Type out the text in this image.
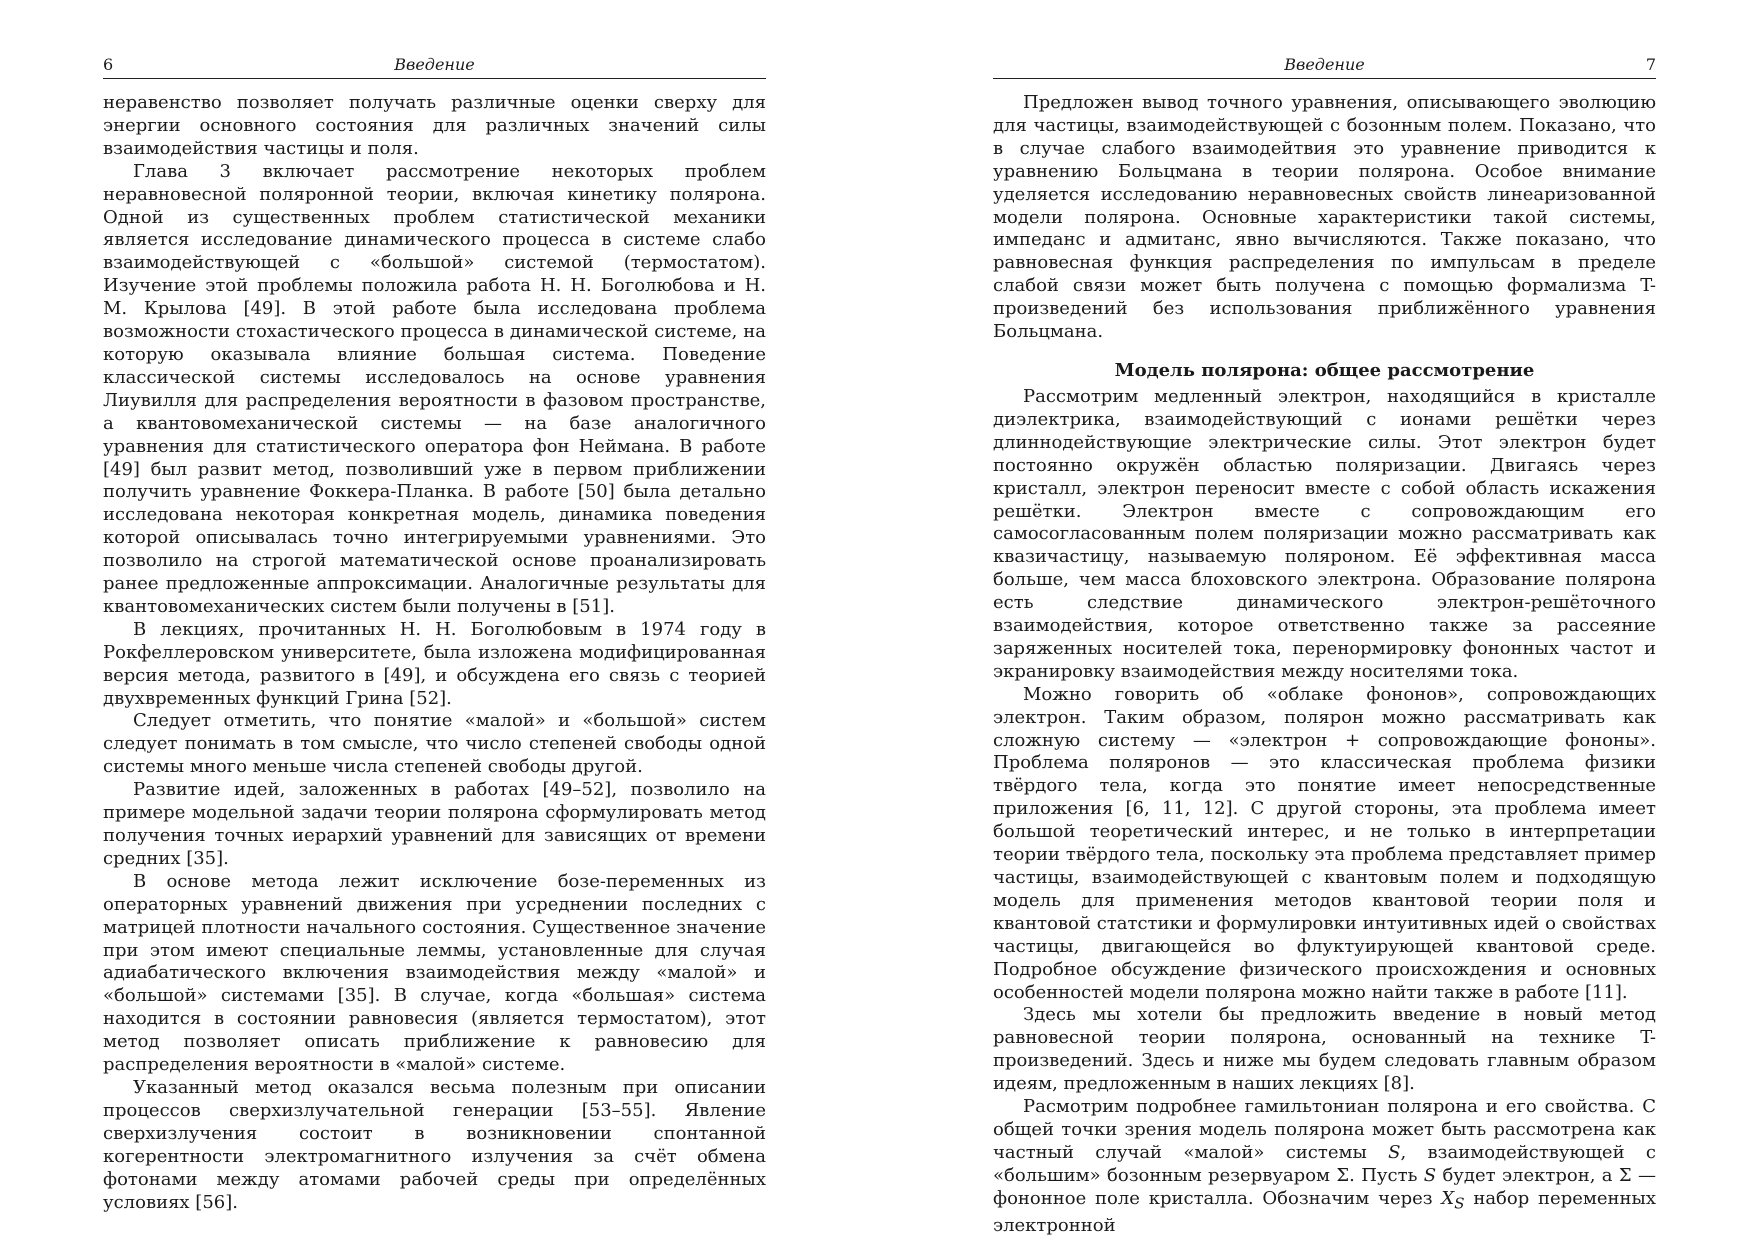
6	Введение

неравенство позволяет получать различные оценки сверху для энергии основного состояния для различных значений силы взаимодействия частицы и поля.

Глава 3 включает рассмотрение некоторых проблем неравновесной поляронной теории, включая кинетику полярона. Одной из существенных проблем статистической механики является исследование динамического процесса в системе слабо взаимодействующей с «большой» системой (термостатом). Изучение этой проблемы положила работа Н. Н. Боголюбова и Н. М. Крылова [49]. В этой работе была исследована проблема возможности стохастического процесса в динамической системе, на которую оказывала влияние большая система. Поведение классической системы исследовалось на основе уравнения Лиувилля для распределения вероятности в фазовом пространстве, а квантовомеханической системы — на базе аналогичного уравнения для статистического оператора фон Неймана. В работе [49] был развит метод, позволивший уже в первом приближении получить уравнение Фоккера-Планка. В работе [50] была детально исследована некоторая конкретная модель, динамика поведения которой описывалась точно интегрируемыми уравнениями. Это позволило на строгой математической основе проанализировать ранее предложенные аппроксимации. Аналогичные результаты для квантовомеханических систем были получены в [51].

В лекциях, прочитанных Н. Н. Боголюбовым в 1974 году в Рокфеллеровском университете, была изложена модифицированная версия метода, развитого в [49], и обсуждена его связь с теорией двухвременных функций Грина [52].

Следует отметить, что понятие «малой» и «большой» систем следует понимать в том смысле, что число степеней свободы одной системы много меньше числа степеней свободы другой.

Развитие идей, заложенных в работах [49–52], позволило на примере модельной задачи теории полярона сформулировать метод получения точных иерархий уравнений для зависящих от времени средних [35].

В основе метода лежит исключение бозе-переменных из операторных уравнений движения при усреднении последних с матрицей плотности начального состояния. Существенное значение при этом имеют специальные леммы, установленные для случая адиабатического включения взаимодействия между «малой» и «большой» системами [35]. В случае, когда «большая» система находится в состоянии равновесия (является термостатом), этот метод позволяет описать приближение к равновесию для распределения вероятности в «малой» системе.

Указанный метод оказался весьма полезным при описании процессов сверхизлучательной генерации [53–55]. Явление сверхизлучения состоит в возникновении спонтанной когерентности электромагнитного излучения за счёт обмена фотонами между атомами рабочей среды при определённых условиях [56].

Введение	7

Предложен вывод точного уравнения, описывающего эволюцию для частицы, взаимодействующей с бозонным полем. Показано, что в случае слабого взаимодейтвия это уравнение приводится к уравнению Больцмана в теории полярона. Особое внимание уделяется исследованию неравновесных свойств линеаризованной модели полярона. Основные характеристики такой системы, импеданс и адмитанс, явно вычисляются. Также показано, что равновесная функция распределения по импульсам в пределе слабой связи может быть получена с помощью формализма T-произведений без использования приближённого уравнения Больцмана.

Модель полярона: общее рассмотрение

Рассмотрим медленный электрон, находящийся в кристалле диэлектрика, взаимодействующий с ионами решётки через длиннодействующие электрические силы. Этот электрон будет постоянно окружён областью поляризации. Двигаясь через кристалл, электрон переносит вместе с собой область искажения решётки. Электрон вместе с сопровождающим его самосогласованным полем поляризации можно рассматривать как квазичастицу, называемую поляроном. Её эффективная масса больше, чем масса блоховского электрона. Образование полярона есть следствие динамического электрон-решёточного взаимодействия, которое ответственно также за рассеяние заряженных носителей тока, перенормировку фононных частот и экранировку взаимодействия между носителями тока.

Можно говорить об «облаке фононов», сопровождающих электрон. Таким образом, полярон можно рассматривать как сложную систему — «электрон + сопровождающие фононы». Проблема поляронов — это классическая проблема физики твёрдого тела, когда это понятие имеет непосредственные приложения [6, 11, 12]. С другой стороны, эта проблема имеет большой теоретический интерес, и не только в интерпретации теории твёрдого тела, поскольку эта проблема представляет пример частицы, взаимодействующей с квантовым полем и подходящую модель для применения методов квантовой теории поля и квантовой статстики и формулировки интуитивных идей о свойствах частицы, двигающейся во флуктуирующей квантовой среде. Подробное обсуждение физического происхождения и основных особенностей модели полярона можно найти также в работе [11].

Здесь мы хотели бы предложить введение в новый метод равновесной теории полярона, основанный на технике T-произведений. Здесь и ниже мы будем следовать главным образом идеям, предложенным в наших лекциях [8].

Расмотрим подробнее гамильтониан полярона и его свойства. С общей точки зрения модель полярона может быть рассмотрена как частный случай «малой» системы S, взаимодействующей с «большим» бозонным резервуаром Σ. Пусть S будет электрон, а Σ — фононное поле кристалла. Обозначим через $X_S$ набор переменных электронной
